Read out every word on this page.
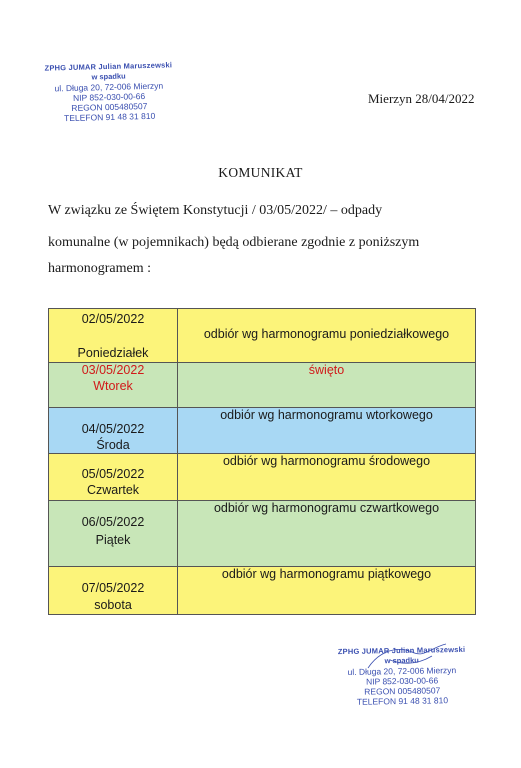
ZPHG JUMAR Julian Maruszewski
w spadku
ul. Długa 20, 72-006 Mierzyn
NIP 852-030-00-66
REGON 005480507
TELEFON 91 48 31 810
Mierzyn 28/04/2022
KOMUNIKAT
W związku ze Świętem Konstytucji / 03/05/2022/ – odpady
komunalne (w pojemnikach) będą odbierane zgodnie z poniższym
harmonogramem :
02/05/2022
Poniedziałek	odbiór wg harmonogramu poniedziałkowego

03/05/2022
Wtorek	święto

04/05/2022
Środa	odbiór wg harmonogramu wtorkowego

05/05/2022
Czwartek	odbiór wg harmonogramu środowego

06/05/2022
Piątek	odbiór wg harmonogramu czwartkowego

07/05/2022
sobota	odbiór wg harmonogramu piątkowego
ZPHG JUMAR Julian Maruszewski
w spadku
ul. Długa 20, 72-006 Mierzyn
NIP 852-030-00-66
REGON 005480507
TELEFON 91 48 31 810
